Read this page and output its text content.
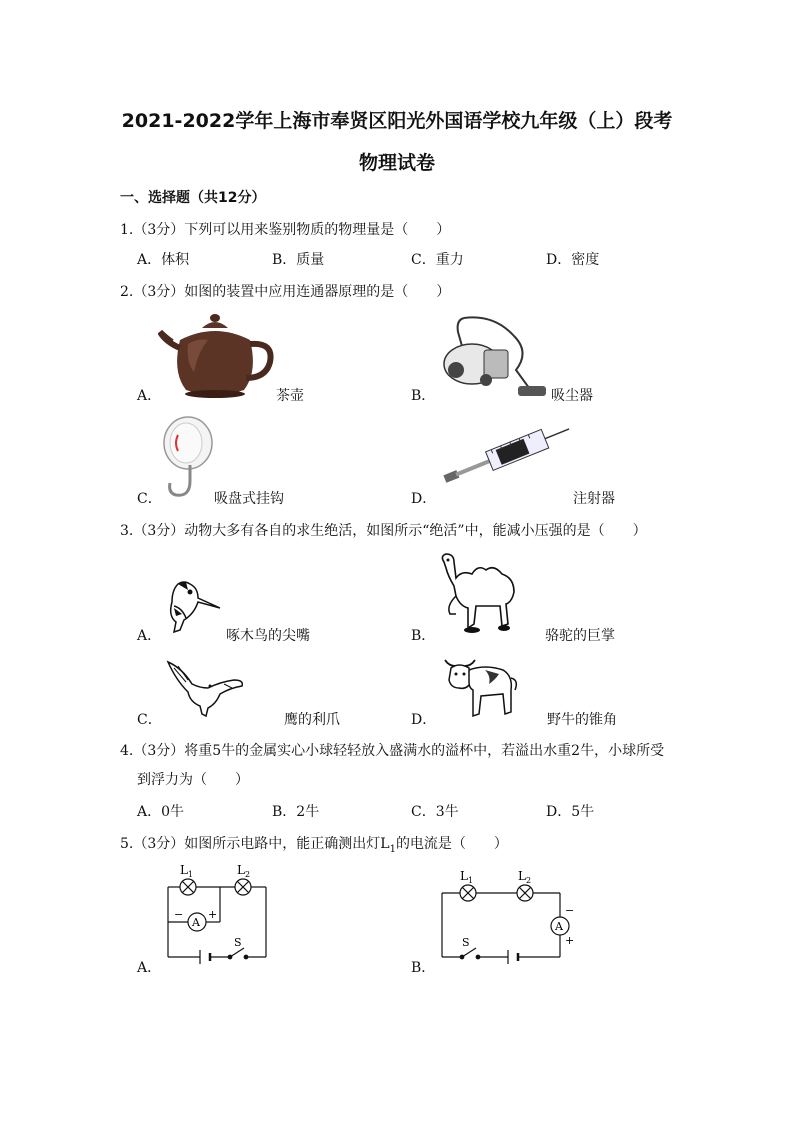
2021-2022学年上海市奉贤区阳光外国语学校九年级（上）段考
物理试卷
一、选择题（共12分）
1.（3分）下列可以用来鉴别物质的物理量是（　　）
A．体积	B．质量	C．重力	D．密度
2.（3分）如图的装置中应用连通器原理的是（　　）
A．	茶壶	B．	吸尘器
C．	吸盘式挂钩	D．	注射器
3.（3分）动物大多有各自的求生绝活，如图所示“绝活”中，能减小压强的是（　　）
A．	啄木鸟的尖嘴	B．	骆驼的巨掌
C．	鹰的利爪	D．	野牛的锥角
4.（3分）将重5牛的金属实心小球轻轻放入盛满水的溢杯中，若溢出水重2牛，小球所受
到浮力为（　　）
A．0牛	B．2牛	C．3牛	D．5牛
5.（3分）如图所示电路中，能正确测出灯$L_1$的电流是（　　）
A．
$L_1$	$L_2$
A
− +
S
B．
$L_1$	$L_2$
A
−
+
S
